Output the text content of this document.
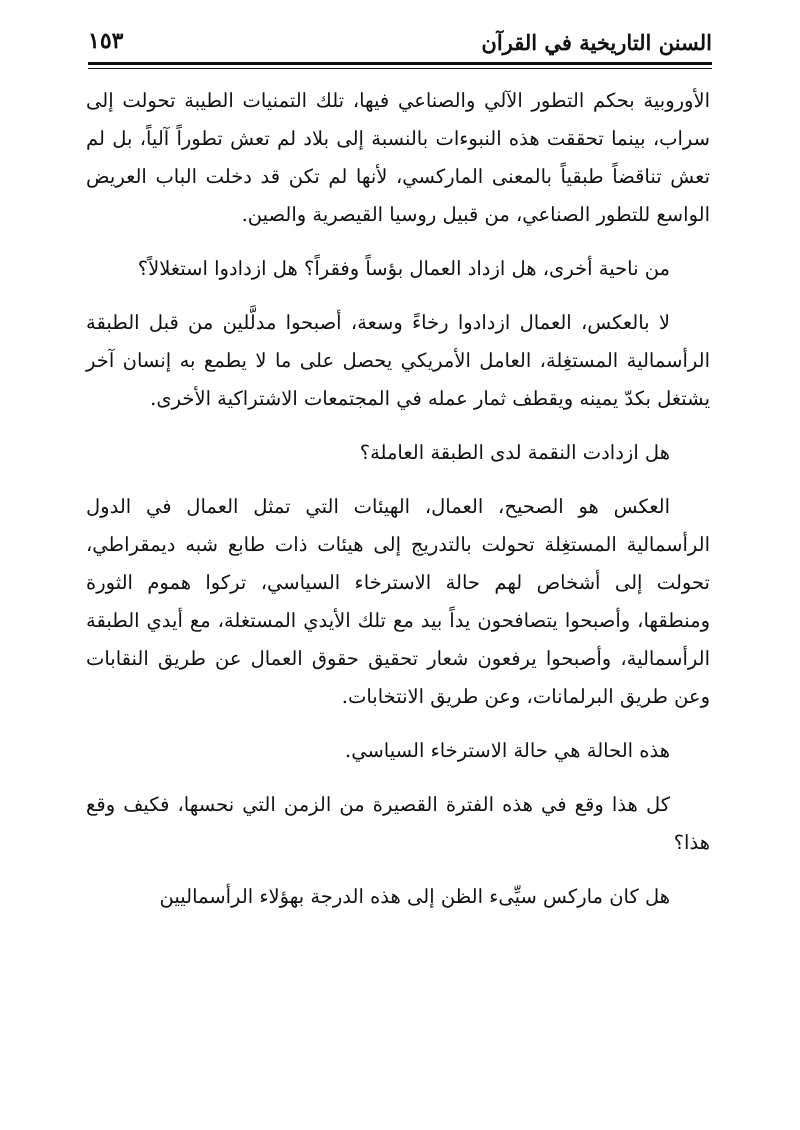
السنن التاريخية في القرآن
١٥٣

الأوروبية بحكم التطور الآلي والصناعي فيها، تلك التمنيات الطيبة تحولت إلى سراب، بينما تحققت هذه النبوءات بالنسبة إلى بلاد لم تعش تطوراً آلياً، بل لم تعش تناقضاً طبقياً بالمعنى الماركسي، لأنها لم تكن قد دخلت الباب العريض الواسع للتطور الصناعي، من قبيل روسيا القيصرية والصين.

من ناحية أخرى، هل ازداد العمال بؤساً وفقراً؟ هل ازدادوا استغلالاً؟

لا بالعكس، العمال ازدادوا رخاءً وسعة، أصبحوا مدلَّلين من قبل الطبقة الرأسمالية المستغِلة، العامل الأمريكي يحصل على ما لا يطمع به إنسان آخر يشتغل بكدّ يمينه ويقطف ثمار عمله في المجتمعات الاشتراكية الأخرى.

هل ازدادت النقمة لدى الطبقة العاملة؟

العكس هو الصحيح، العمال، الهيئات التي تمثل العمال في الدول الرأسمالية المستغِلة تحولت بالتدريج إلى هيئات ذات طابع شبه ديمقراطي، تحولت إلى أشخاص لهم حالة الاسترخاء السياسي، تركوا هموم الثورة ومنطقها، وأصبحوا يتصافحون يداً بيد مع تلك الأيدي المستغلة، مع أيدي الطبقة الرأسمالية، وأصبحوا يرفعون شعار تحقيق حقوق العمال عن طريق النقابات وعن طريق البرلمانات، وعن طريق الانتخابات.

هذه الحالة هي حالة الاسترخاء السياسي.

كل هذا وقع في هذه الفترة القصيرة من الزمن التي نحسها، فكيف وقع هذا؟

هل كان ماركس سيِّىء الظن إلى هذه الدرجة بهؤلاء الرأسماليين
